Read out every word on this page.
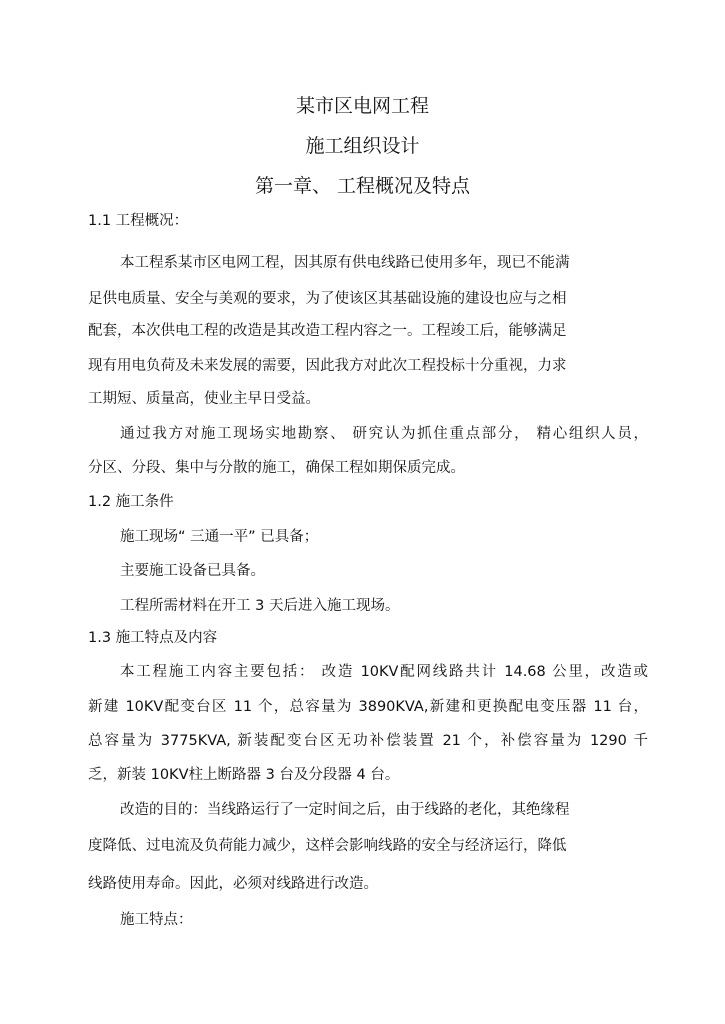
某市区电网工程
施工组织设计
第一章、 工程概况及特点
1.1 工程概况：
本工程系某市区电网工程，因其原有供电线路已使用多年，现已不能满
足供电质量、安全与美观的要求，为了使该区其基础设施的建设也应与之相
配套，本次供电工程的改造是其改造工程内容之一。工程竣工后，能够满足
现有用电负荷及未来发展的需要，因此我方对此次工程投标十分重视，力求
工期短、质量高，使业主早日受益。
通过我方对施工现场实地勘察、 研究认为抓住重点部分， 精心组织人员，
分区、分段、集中与分散的施工，确保工程如期保质完成。
1.2 施工条件
施工现场“ 三通一平” 已具备；
主要施工设备已具备。
工程所需材料在开工 3 天后进入施工现场。
1.3 施工特点及内容
本工程施工内容主要包括： 改造 10KV配网线路共计 14.68 公里，改造或
新建 10KV配变台区 11 个，总容量为 3890KVA,新建和更换配电变压器 11 台，
总容量为 3775KVA, 新装配变台区无功补偿装置 21 个，补偿容量为 1290 千
乏，新装 10KV柱上断路器 3 台及分段器 4 台。
改造的目的：当线路运行了一定时间之后，由于线路的老化，其绝缘程
度降低、过电流及负荷能力减少，这样会影响线路的安全与经济运行，降低
线路使用寿命。因此，必须对线路进行改造。
施工特点：
